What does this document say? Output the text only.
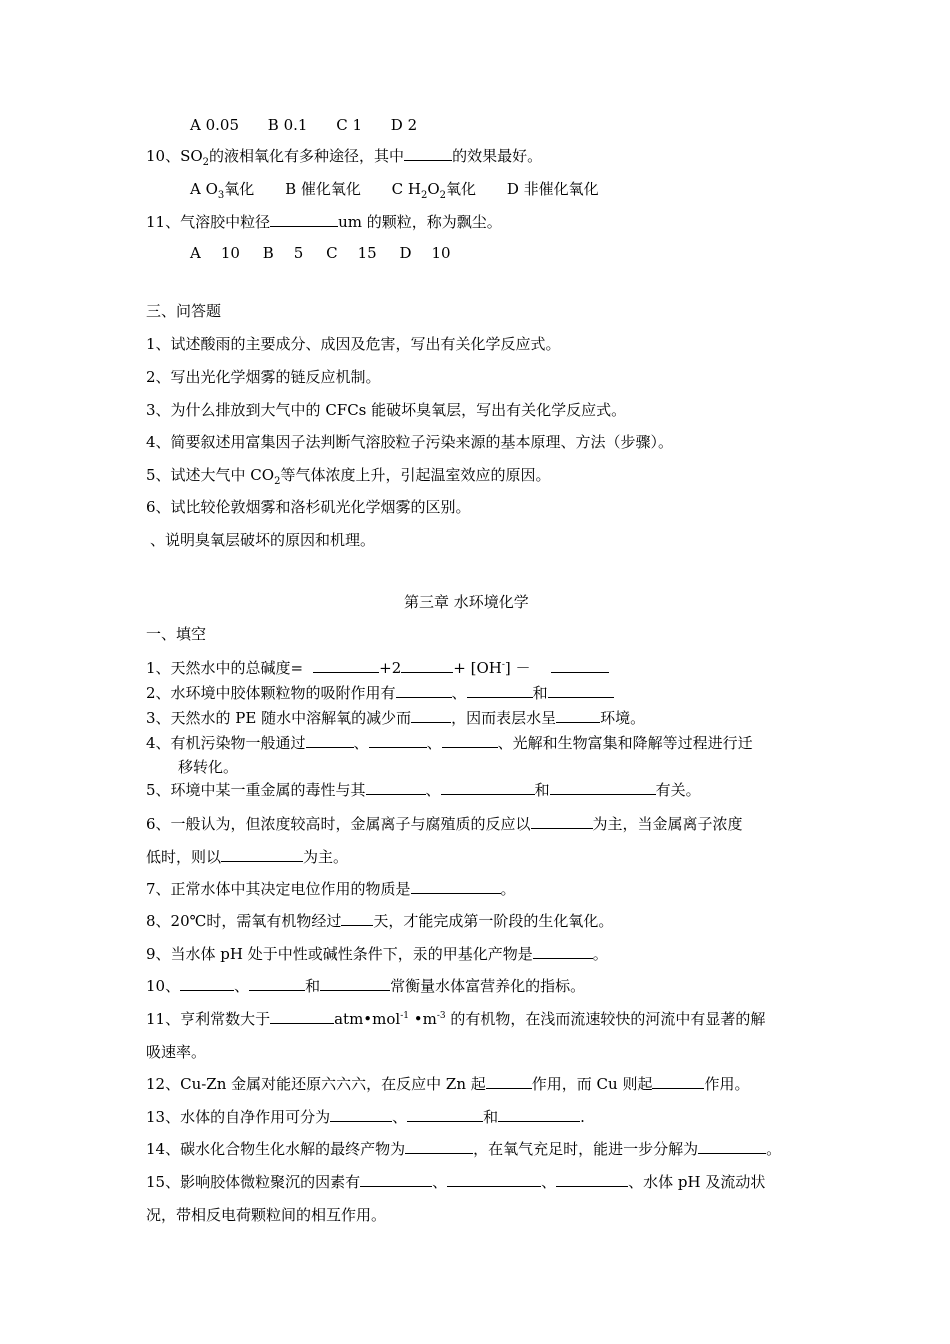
A 0.05 B 0.1 C 1 D 2
10、$SO_2$的液相氧化有多种途径，其中	的效果最好。
A $O_3$氧化 B 催化氧化 C $H_2O_2$氧化 D 非催化氧化
11、气溶胶中粒径	um 的颗粒，称为飘尘。
A 10 B 5 C 15 D 10
三、问答题
1、试述酸雨的主要成分、成因及危害，写出有关化学反应式。
2、写出光化学烟雾的链反应机制。
3、为什么排放到大气中的 CFCs 能破坏臭氧层，写出有关化学反应式。
4、简要叙述用富集因子法判断气溶胶粒子污染来源的基本原理、方法（步骤）。
5、试述大气中 $CO_2$等气体浓度上升，引起温室效应的原因。
6、试比较伦敦烟雾和洛杉矶光化学烟雾的区别。
、说明臭氧层破坏的原因和机理。
第三章 水环境化学
一、填空
1、天然水中的总碱度=	+2	+ [OH-] －
2、水环境中胶体颗粒物的吸附作用有	、	和
3、天然水的 PE 随水中溶解氧的减少而	，因而表层水呈	环境。
4、有机污染物一般通过	、	、	、光解和生物富集和降解等过程进行迁
移转化。
5、环境中某一重金属的毒性与其	、	和	有关。
6、一般认为，但浓度较高时，金属离子与腐殖质的反应以	为主，当金属离子浓度
低时，则以	为主。
7、正常水体中其决定电位作用的物质是	。
8、20℃时，需氧有机物经过 天，才能完成第一阶段的生化氧化。
9、当水体 pH 处于中性或碱性条件下，汞的甲基化产物是	。
10、	、	和	常衡量水体富营养化的指标。
11、亨利常数大于	atm•mol$^{-1}$ $•m^{-3}$ 的有机物，在浅而流速较快的河流中有显著的解
吸速率。
12、Cu-Zn 金属对能还原六六六，在反应中 Zn 起	作用，而 Cu 则起	作用。
13、水体的自净作用可分为	、	和	.
14、碳水化合物生化水解的最终产物为	，在氧气充足时，能进一步分解为	。
15、影响胶体微粒聚沉的因素有	、	、	、水体 pH 及流动状
况，带相反电荷颗粒间的相互作用。
